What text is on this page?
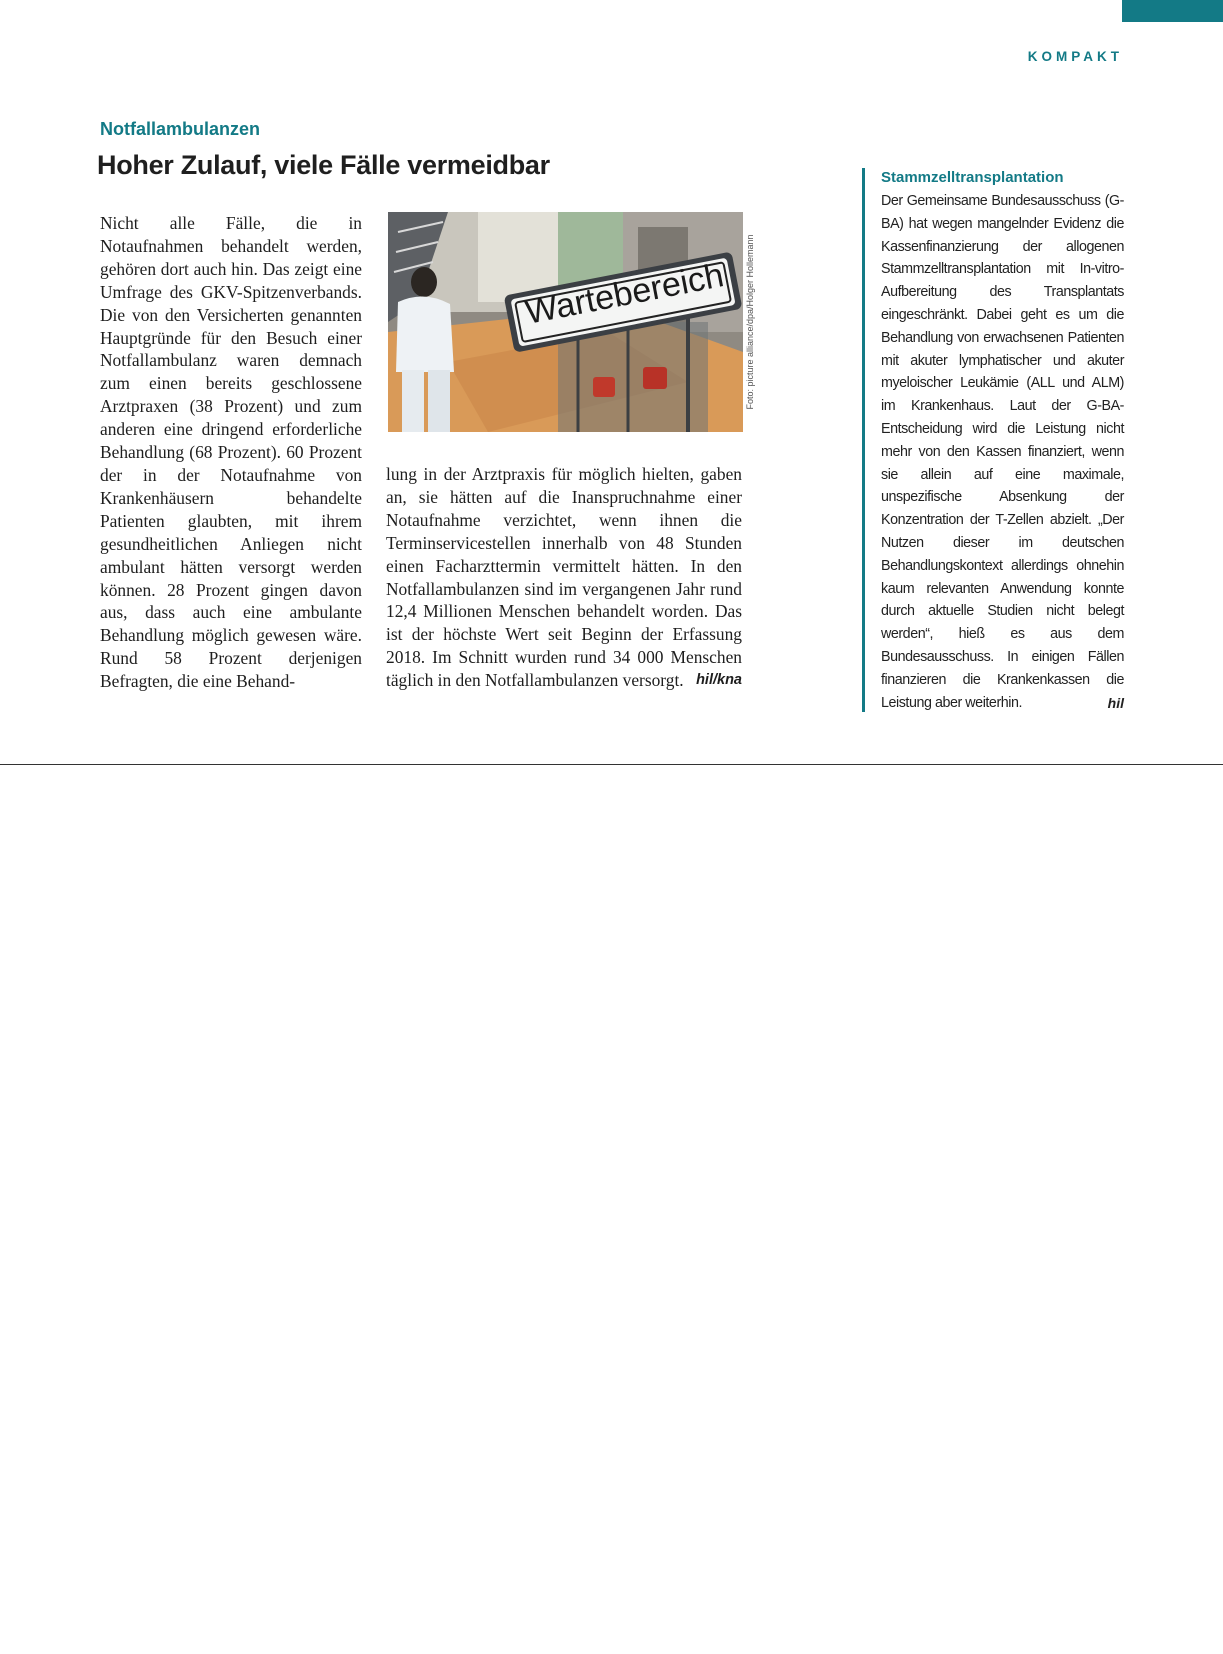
KOMPAKT
Notfallambulanzen
Hoher Zulauf, viele Fälle vermeidbar

Nicht alle Fälle, die in Notaufnahmen behandelt werden, gehören dort auch hin. Das zeigt eine Umfrage des GKV-Spitzenverbands. Die von den Versicherten genannten Hauptgründe für den Besuch einer Notfallambulanz waren demnach zum einen bereits geschlossene Arztpraxen (38 Prozent) und zum anderen eine dringend erforderliche Behandlung (68 Prozent). 60 Prozent der in der Notaufnahme von Krankenhäusern behandelte Patienten glaubten, mit ihrem gesundheitlichen Anliegen nicht ambulant hätten versorgt werden können. 28 Prozent gingen davon aus, dass auch eine ambulante Behandlung möglich gewesen wäre. Rund 58 Prozent derjenigen Befragten, die eine Behand-

Wartebereich Foto: picture alliance/dpa/Holger Hollemann

lung in der Arztpraxis für möglich hielten, gaben an, sie hätten auf die Inanspruchnahme einer Notaufnahme verzichtet, wenn ihnen die Terminservicestellen innerhalb von 48 Stunden einen Facharzttermin vermittelt hätten. In den Notfallambulanzen sind im vergangenen Jahr rund 12,4 Millionen Menschen behandelt worden. Das ist der höchste Wert seit Beginn der Erfassung 2018. Im Schnitt wurden rund 34 000 Menschen täglich in den Notfallambulanzen versorgt. hil/kna

Stammzelltransplantation

Der Gemeinsame Bundesausschuss (G-BA) hat wegen mangelnder Evidenz die Kassenfinanzierung der allogenen Stammzelltransplantation mit In-vitro-Aufbereitung des Transplantats eingeschränkt. Dabei geht es um die Behandlung von erwachsenen Patienten mit akuter lymphatischer und akuter myeloischer Leukämie (ALL und ALM) im Krankenhaus. Laut der G-BA-Entscheidung wird die Leistung nicht mehr von den Kassen finanziert, wenn sie allein auf eine maximale, unspezifische Absenkung der Konzentration der T-Zellen abzielt. „Der Nutzen dieser im deutschen Behandlungskontext allerdings ohnehin kaum relevanten Anwendung konnte durch aktuelle Studien nicht belegt werden“, hieß es aus dem Bundesausschuss. In einigen Fällen finanzieren die Krankenkassen die Leistung aber weiterhin.	hil
